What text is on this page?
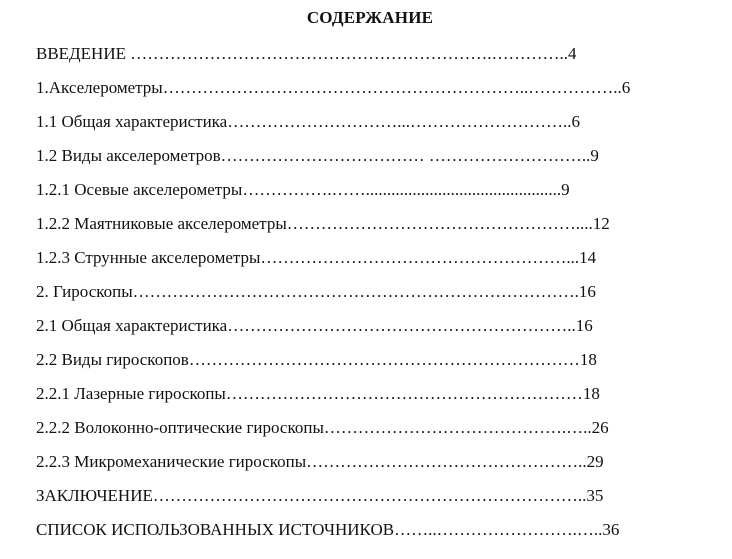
СОДЕРЖАНИЕ
ВВЕДЕНИЕ ……………………………………………………….…………..4
1.Акселерометры………………………………………………………..……………..6
1.1 Общая характеристика…………………………...………………………..6
1.2 Виды акселерометров……………………………… ………………………..9
1.2.1 Осевые акселерометры…………….……..............................................9
1.2.2 Маятниковые акселерометры……………………………………………....12
1.2.3 Струнные акселерометры………………………………………………...14
2. Гироскопы…………………………………………………………………….16
2.1 Общая характеристика……………………………………………………..16
2.2 Виды гироскопов……………………………………………………………18
2.2.1 Лазерные гироскопы………………………………………………………18
2.2.2 Волоконно-оптические гироскопы…………………………………….…..26
2.2.3 Микромеханические гироскопы…………………………………………..29
ЗАКЛЮЧЕНИЕ…………………………………………………………………..35
СПИСОК ИСПОЛЬЗОВАННЫХ ИСТОЧНИКОВ……..…………………….…..36
